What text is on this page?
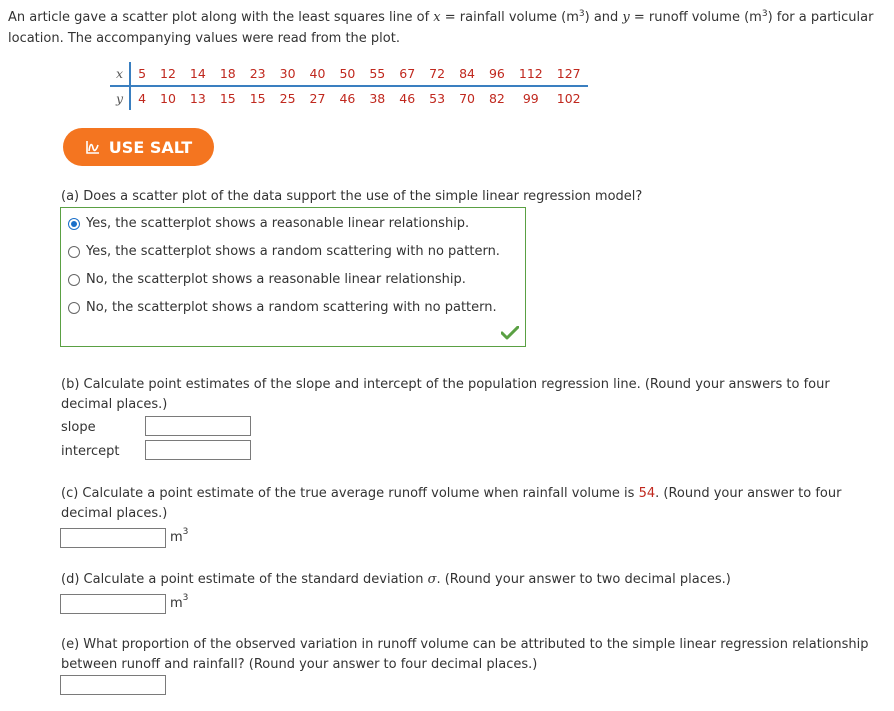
An article gave a scatter plot along with the least squares line of x = rainfall volume $(m^3)$ and y = runoff volume $(m^3)$ for a particular location. The accompanying values were read from the plot.
x	5	12	14	18	23	30	40	50	55	67	72	84	96	112	127
y	4	10	13	15	15	25	27	46	38	46	53	70	82	99	102
USE SALT
(a) Does a scatter plot of the data support the use of the simple linear regression model?
Yes, the scatterplot shows a reasonable linear relationship.
Yes, the scatterplot shows a random scattering with no pattern.
No, the scatterplot shows a reasonable linear relationship.
No, the scatterplot shows a random scattering with no pattern.
(b) Calculate point estimates of the slope and intercept of the population regression line. (Round your answers to four decimal places.)
slope
intercept
(c) Calculate a point estimate of the true average runoff volume when rainfall volume is 54. (Round your answer to four decimal places.)
$m^3$
(d) Calculate a point estimate of the standard deviation σ. (Round your answer to two decimal places.)
$m^3$
(e) What proportion of the observed variation in runoff volume can be attributed to the simple linear regression relationship between runoff and rainfall? (Round your answer to four decimal places.)
